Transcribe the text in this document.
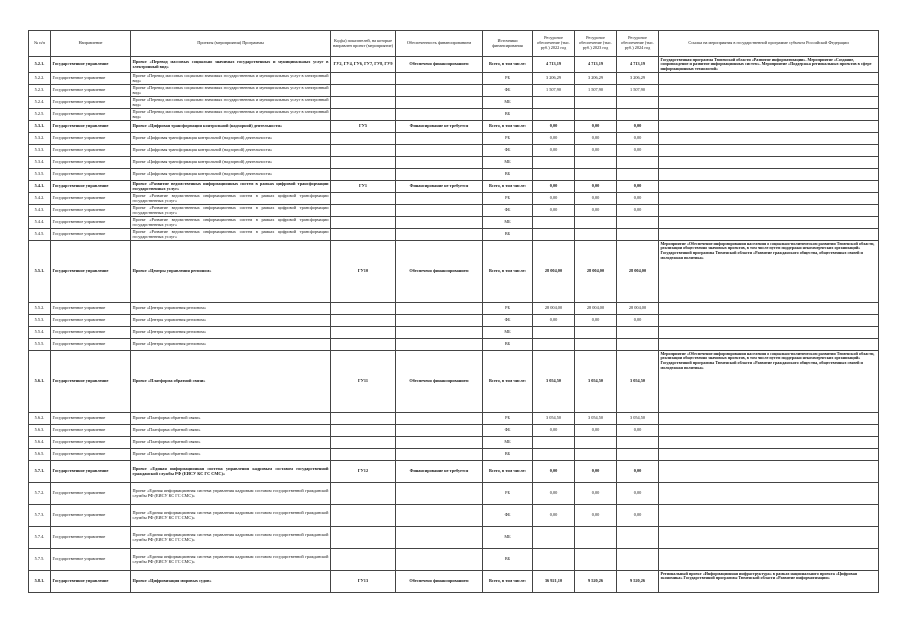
№ п/п	Направление	Проекты (мероприятия) Программы	Код(ы) показателей, на которые направлен проект (мероприятие)	Обеспеченность финансированием	Источники финансирования	Ресурсное обеспечение (тыс. руб.) 2022 год	Ресурсное обеспечение (тыс. руб.) 2023 год	Ресурсное обеспечение (тыс. руб.) 2024 год	Ссылка на мероприятия в государственной программе субъекта Российской Федерации
5.2.1.	Государственное управление	Проект «Перевод массовых социально значимых государственных и муниципальных услуг в электронный вид»	ГУ2, ГУ4, ГУ6, ГУ7, ГУ8, ГУ9	Обеспечено финансированием	Всего, в том числе:	4 713,19	4 713,19	4 713,19	Государственная программа Тюменской области «Развитие информатизации». Мероприятие «Создание, сопровождение и развитие информационных систем». Мероприятие «Поддержка региональных проектов в сфере информационных технологий»
5.2.2.	Государственное управление	Проект «Перевод массовых социально значимых государственных и муниципальных услуг в электронный вид»			РБ	3 206,29	3 206,29	3 206,29	
5.2.3.	Государственное управление	Проект «Перевод массовых социально значимых государственных и муниципальных услуг в электронный вид»			ФБ	1 507,90	1 507,90	1 507,90	
5.2.4.	Государственное управление	Проект «Перевод массовых социально значимых государственных и муниципальных услуг в электронный вид»			МБ				
5.2.5.	Государственное управление	Проект «Перевод массовых социально значимых государственных и муниципальных услуг в электронный вид»			ВБ				
5.3.1.	Государственное управление	Проект «Цифровая трансформация контрольной (надзорной) деятельности»	ГУ5	Финансирование не требуется	Всего, в том числе:	0,00	0,00	0,00	
5.3.2.	Государственное управление	Проект «Цифровая трансформация контрольной (надзорной) деятельности»			РБ	0,00	0,00	0,00	
5.3.3.	Государственное управление	Проект «Цифровая трансформация контрольной (надзорной) деятельности»			ФБ	0,00	0,00	0,00	
5.3.4.	Государственное управление	Проект «Цифровая трансформация контрольной (надзорной) деятельности»			МБ				
5.3.5.	Государственное управление	Проект «Цифровая трансформация контрольной (надзорной) деятельности»			ВБ				
5.4.1.	Государственное управление	Проект «Развитие ведомственных информационных систем в рамках цифровой трансформации государственных услуг»	ГУ1	Финансирование не требуется	Всего, в том числе:	0,00	0,00	0,00	
5.4.2.	Государственное управление	Проект «Развитие ведомственных информационных систем в рамках цифровой трансформации государственных услуг»			РБ	0,00	0,00	0,00	
5.4.3.	Государственное управление	Проект «Развитие ведомственных информационных систем в рамках цифровой трансформации государственных услуг»			ФБ	0,00	0,00	0,00	
5.4.4.	Государственное управление	Проект «Развитие ведомственных информационных систем в рамках цифровой трансформации государственных услуг»			МБ				
5.4.5.	Государственное управление	Проект «Развитие ведомственных информационных систем в рамках цифровой трансформации государственных услуг»			ВБ				
5.5.1.	Государственное управление	Проект «Центры управления регионом»	ГУ10	Обеспечено финансированием	Всего, в том числе:	28 004,00	28 004,00	28 004,00	Мероприятие «Обеспечение информирования населения о социально-политическом развитии Тюменской области, реализации общественно значимых проектов, в том числе путем поддержки некоммерческих организаций» Государственной программы Тюменской области «Развитие гражданского общества, общественных связей и молодежная политика»
5.5.2.	Государственное управление	Проект «Центры управления регионом»			РБ	28 004,00	28 004,00	28 004,00	
5.5.3.	Государственное управление	Проект «Центры управления регионом»			ФБ	0,00	0,00	0,00	
5.5.4.	Государственное управление	Проект «Центры управления регионом»			МБ				
5.5.5.	Государственное управление	Проект «Центры управления регионом»			ВБ				
5.6.1.	Государственное управление	Проект «Платформа обратной связи»	ГУ11	Обеспечено финансированием	Всего, в том числе:	3 054,50	3 054,50	3 054,50	Мероприятие «Обеспечение информирования населения о социально-политическом развитии Тюменской области, реализации общественно значимых проектов, в том числе путем поддержки некоммерческих организаций» Государственной программы Тюменской области «Развитие гражданского общества, общественных связей и молодежная политика»
5.6.2.	Государственное управление	Проект «Платформа обратной связи»			РБ	3 054,50	3 054,50	3 054,50	
5.6.3.	Государственное управление	Проект «Платформа обратной связи»			ФБ	0,00	0,00	0,00	
5.6.4.	Государственное управление	Проект «Платформа обратной связи»			МБ				
5.6.5.	Государственное управление	Проект «Платформа обратной связи»			ВБ				
5.7.1.	Государственное управление	Проект «Единая информационная система управления кадровым составом государственной гражданской службы РФ (ЕИСУ КС ГС СМС)»	ГУ12	Финансирование не требуется	Всего, в том числе:	0,00	0,00	0,00	
5.7.2.	Государственное управление	Проект «Единая информационная система управления кадровым составом государственной гражданской службы РФ (ЕИСУ КС ГС СМС)»			РБ	0,00	0,00	0,00	
5.7.3.	Государственное управление	Проект «Единая информационная система управления кадровым составом государственной гражданской службы РФ (ЕИСУ КС ГС СМС)»			ФБ	0,00	0,00	0,00	
5.7.4.	Государственное управление	Проект «Единая информационная система управления кадровым составом государственной гражданской службы РФ (ЕИСУ КС ГС СМС)»			МБ				
5.7.5.	Государственное управление	Проект «Единая информационная система управления кадровым составом государственной гражданской службы РФ (ЕИСУ КС ГС СМС)»			ВБ				
5.8.1.	Государственное управление	Проект «Цифровизация мировых судов»	ГУ13	Обеспечено финансированием	Всего, в том числе:	36 921,10	9 520,26	9 520,26	Региональный проект «Информационная инфраструктура» в рамках национального проекта «Цифровая экономика» Государственной программы Тюменской области «Развитие информатизации»
